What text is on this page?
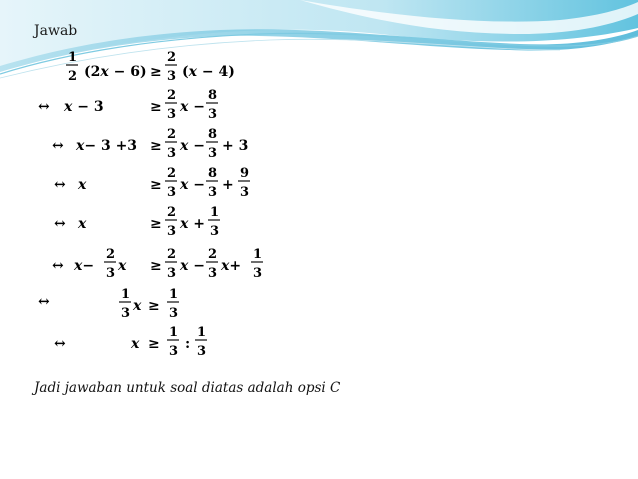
Jawab
1
2 (2x − 6) ≥
2
3 (x − 4)
↔ x − 3	≥
2
3 x −
8
3
↔ x− 3 +3 ≥
2
3 x −
8
3 + 3
↔ x	≥
2
3 x −
8
3 +
9
3
↔ x	≥
2
3 x +
1
3
↔ x−
2
3 x ≥
2
3 x −
2
3 x+
1
3
↔	1
3 x ≥
1
3
↔	x ≥
1
3 :
1
3
Jadi jawaban untuk soal diatas adalah opsi C
